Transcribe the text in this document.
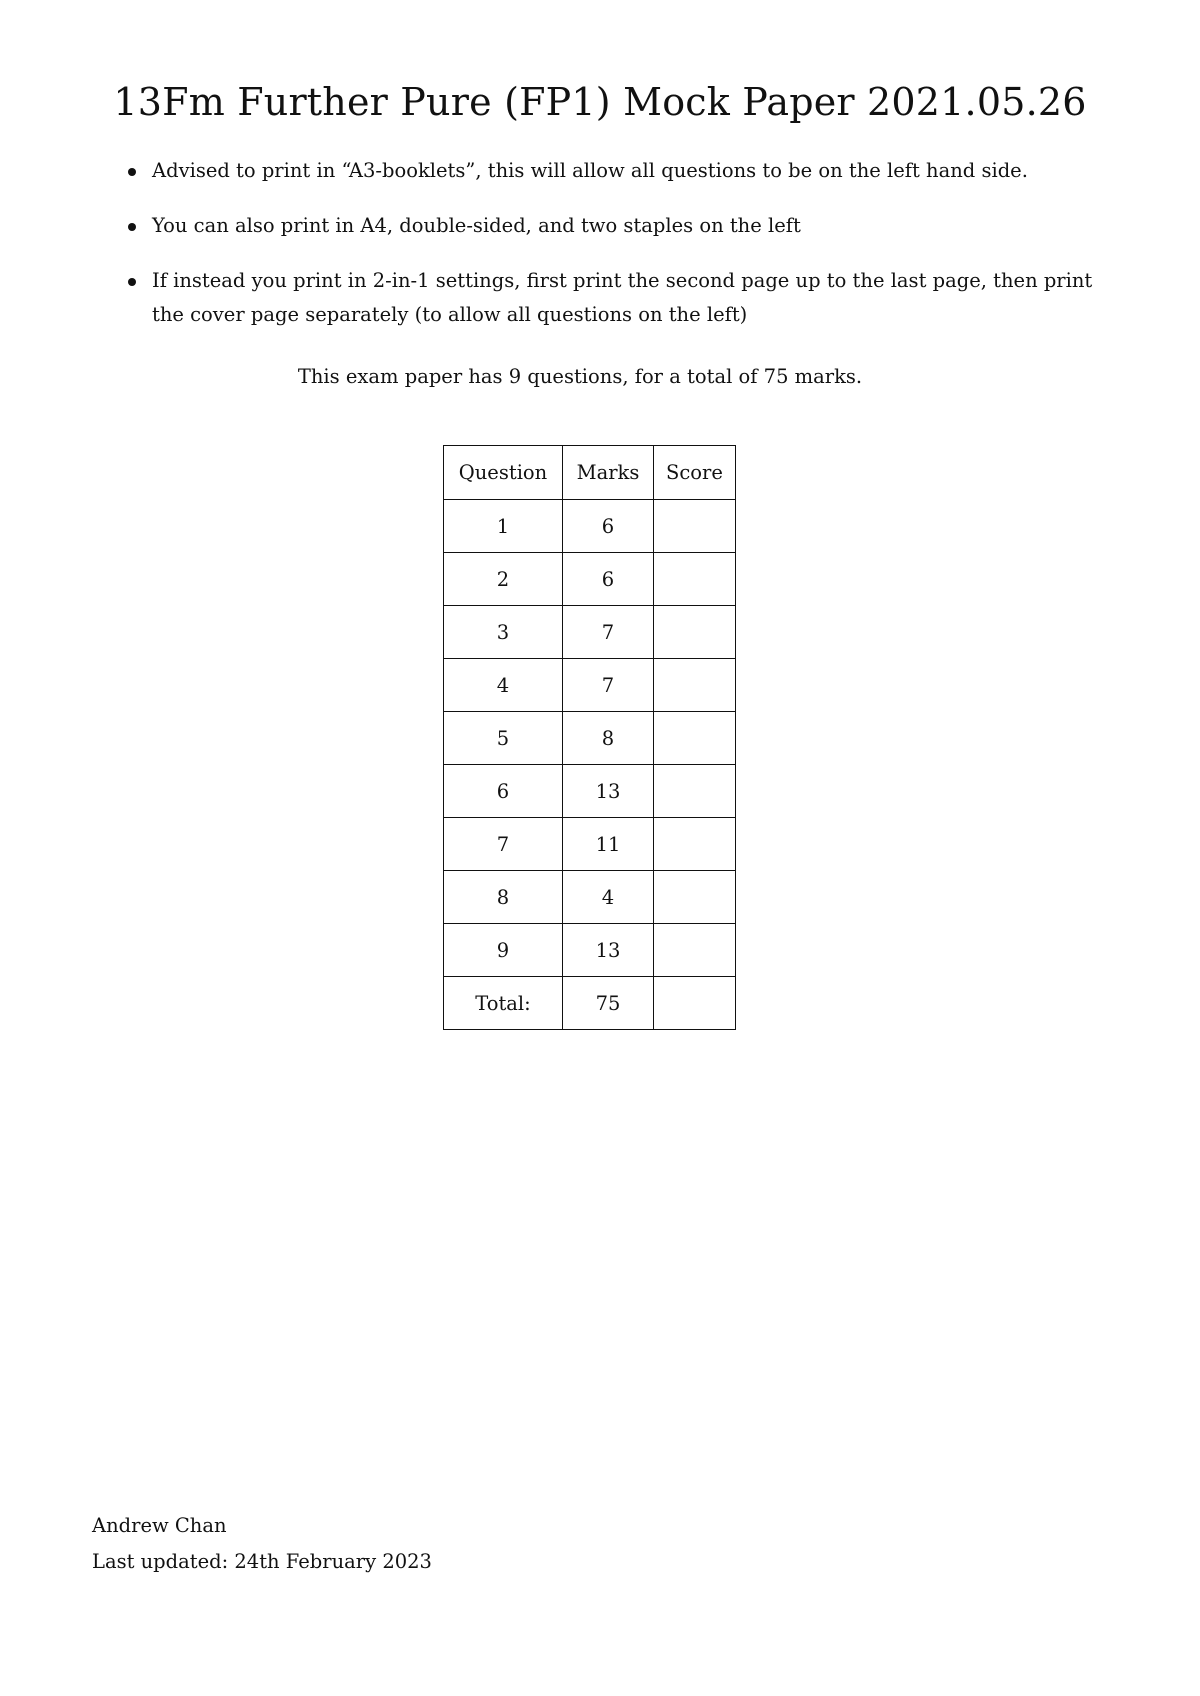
13Fm Further Pure (FP1) Mock Paper 2021.05.26
Advised to print in “A3-booklets”, this will allow all questions to be on the left hand side.
You can also print in A4, double-sided, and two staples on the left
If instead you print in 2-in-1 settings, first print the second page up to the last page, then print the cover page separately (to allow all questions on the left)
This exam paper has 9 questions, for a total of 75 marks.
Question	Marks	Score
1	6	
2	6	
3	7	
4	7	
5	8	
6	13	
7	11	
8	4	
9	13	
Total:	75	
Andrew Chan
Last updated: 24th February 2023
